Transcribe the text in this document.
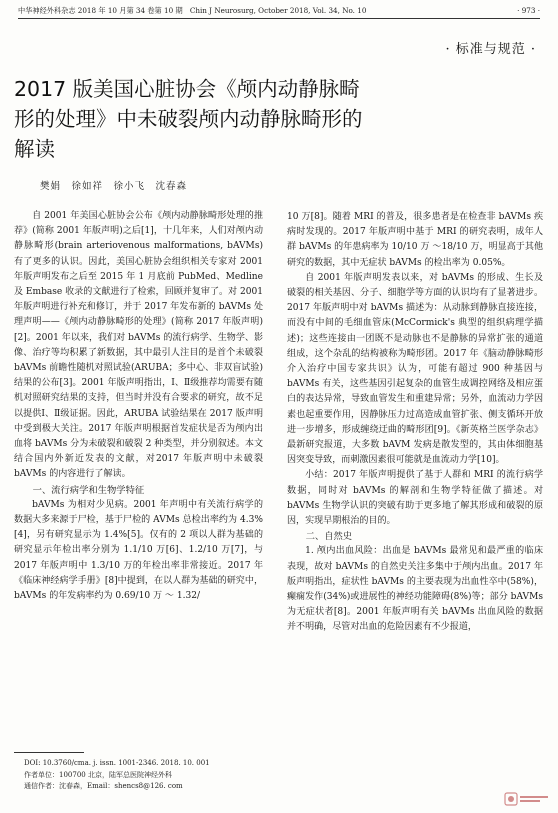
中华神经外科杂志 2018 年 10 月第 34 卷第 10 期　Chin J Neurosurg, October 2018, Vol. 34, No. 10	· 973 ·
· 标准与规范 ·
2017 版美国心脏协会《颅内动静脉畸形的处理》中未破裂颅内动静脉畸形的解读
樊娟　徐如祥　徐小飞　沈春森

自 2001 年美国心脏协会公布《颅内动静脉畸形处理的推荐》(简称 2001 年版声明)之后[1]，十几年来，人们对颅内动静脉畸形(brain arteriovenous malformations, bAVMs)有了更多的认识。因此，美国心脏协会组织相关专家对 2001 年版声明发布之后至 2015 年 1 月底前 PubMed、Medline 及 Embase 收录的文献进行了检索，回顾并复审了。对 2001 年版声明进行补充和修订，并于 2017 年发布新的 bAVMs 处理声明——《颅内动静脉畸形的处理》(简称 2017 年版声明)[2]。2001 年以来，我们对 bAVMs 的流行病学、生物学、影像、治疗等均积累了新数据，其中最引人注目的是首个未破裂 bAVMs 前瞻性随机对照试验(ARUBA；多中心、非双盲试验)结果的公布[3]。2001 年版声明指出，Ⅰ、Ⅱ级推荐均需要有随机对照研究结果的支持，但当时并没有合要求的研究，故不足以提供Ⅰ、Ⅱ级证据。因此，ARUBA 试验结果在 2017 版声明中受到极大关注。2017 年版声明根据首发症状是否为颅内出血将 bAVMs 分为未破裂和破裂 2 种类型，并分别叙述。本文结合国内外新近发表的文献，对2017 年版声明中未破裂 bAVMs 的内容进行了解读。

一、流行病学和生物学特征

bAVMs 为相对少见病。2001 年声明中有关流行病学的数据大多来源于尸检，基于尸检的 AVMs 总检出率约为 4.3%[4]，另有研究显示为 1.4%[5]。仅有的 2 项以人群为基础的研究显示年检出率分别为 1.1/10 万[6]、1.2/10 万[7]，与 2017 年版声明中 1.3/10 万的年检出率非常接近。2017 年《临床神经病学手册》[8]中提到，在以人群为基础的研究中，bAVMs 的年发病率约为 0.69/10 万 ～ 1.32/

10 万[8]。随着 MRI 的普及，很多患者是在检查非 bAVMs 疾病时发现的。2017 年版声明中基于 MRI 的研究表明，成年人群 bAVMs 的年患病率为 10/10 万 ～18/10 万，明显高于其他研究的数据，其中无症状 bAVMs 的检出率为 0.05%。

自 2001 年版声明发表以来，对 bAVMs 的形成、生长及破裂的相关基因、分子、细胞学等方面的认识均有了显著进步。2017 年版声明中对 bAVMs 描述为：从动脉到静脉直接连接，而没有中间的毛细血管床(McCormick's 典型的组织病理学描述)；这些连接由一团既不是动脉也不是静脉的异常扩张的通道组成，这个杂乱的结构被称为畸形团。2017 年《脑动静脉畸形介入治疗中国专家共识》认为，可能有超过 900 种基因与 bAVMs 有关，这些基因引起复杂的血管生成调控网络及相应蛋白的表达异常，导致血管发生和重建异常；另外，血流动力学因素也起重要作用，因静脉压力过高造成血管扩张、侧支循环开放进一步增多，形成缠绕迂曲的畸形团[9]。《新英格兰医学杂志》最新研究报道，大多数 bAVM 发病是散发型的，其由体细胞基因突变导致，而刺激因素很可能就是血流动力学[10]。

小结：2017 年版声明提供了基于人群和 MRI 的流行病学数据，同时对 bAVMs 的解剖和生物学特征做了描述。对 bAVMs 生物学认识的突破有助于更多地了解其形成和破裂的原因，实现早期根治的目的。

二、自然史

1. 颅内出血风险：出血是 bAVMs 最常见和最严重的临床表现，故对 bAVMs 的自然史关注多集中于颅内出血。2017 年版声明指出，症状性 bAVMs 的主要表现为出血性卒中(58%)，癫痫发作(34%)或进展性的神经功能障碍(8%)等；部分 bAVMs 为无症状者[8]。2001 年版声明有关 bAVMs 出血风险的数据并不明确，尽管对出血的危险因素有不少报道，

DOI: 10.3760/cma. j. issn. 1001-2346. 2018. 10. 001
作者单位：100700 北京，陆军总医院神经外科
通信作者：沈春森，Email：shencs8@126. com
